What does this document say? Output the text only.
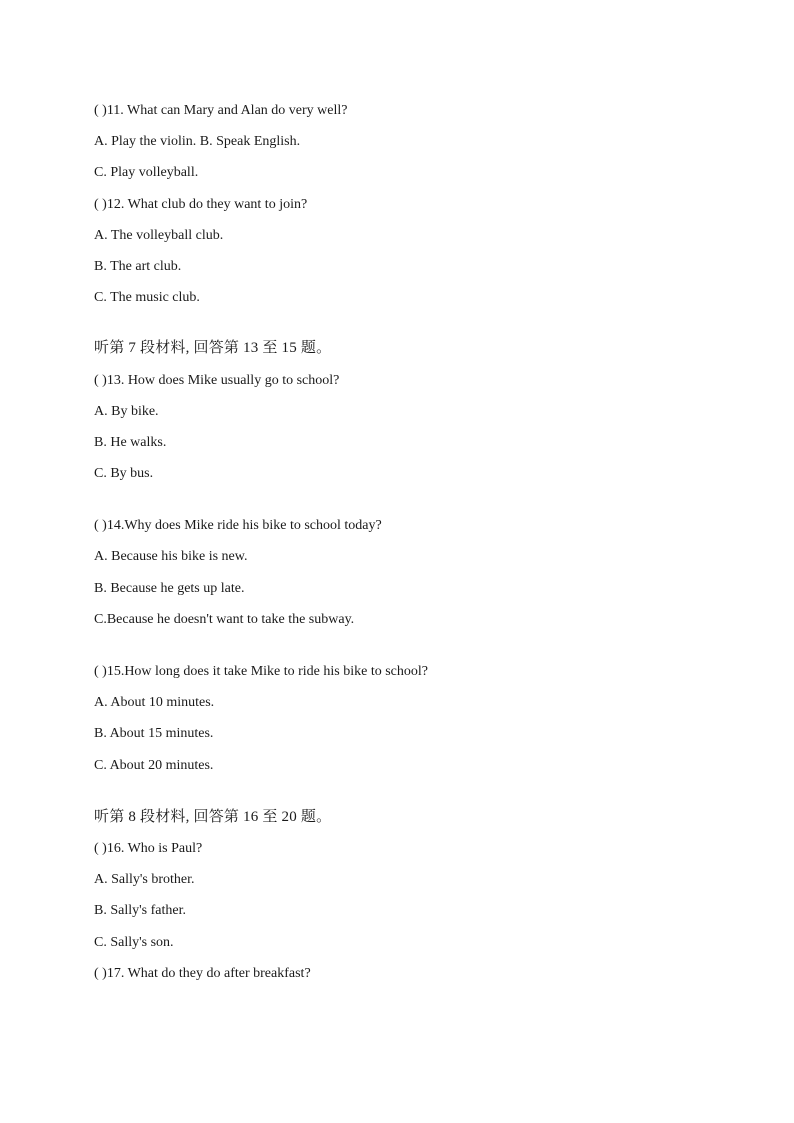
( )11. What can Mary and Alan do very well?
A. Play the violin. B. Speak English.
C. Play volleyball.
( )12. What club do they want to join?
A. The volleyball club.
B. The art club.
C. The music club.
听第 7 段材料, 回答第 13 至 15 题。
( )13. How does Mike usually go to school?
A. By bike.
B. He walks.
C. By bus.
( )14.Why does Mike ride his bike to school today?
A. Because his bike is new.
B. Because he gets up late.
C.Because he doesn't want to take the subway.
( )15.How long does it take Mike to ride his bike to school?
A. About 10 minutes.
B. About 15 minutes.
C. About 20 minutes.
听第 8 段材料, 回答第 16 至 20 题。
( )16. Who is Paul?
A. Sally's brother.
B. Sally's father.
C. Sally's son.
( )17. What do they do after breakfast?
